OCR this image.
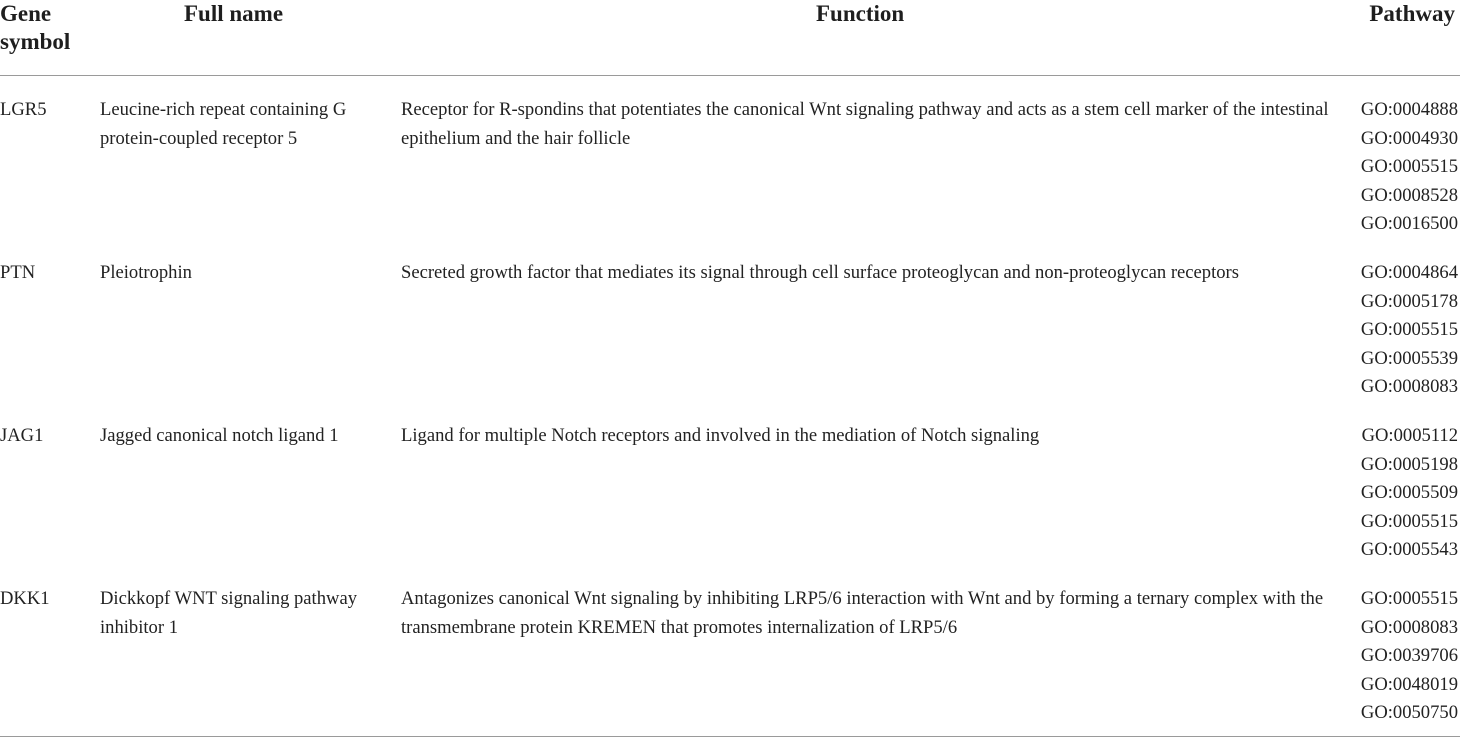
Gene symbol	Full name	Function	Pathway
LGR5	Leucine-rich repeat containing G protein-coupled receptor 5	Receptor for R-spondins that potentiates the canonical Wnt signaling pathway and acts as a stem cell marker of the intestinal epithelium and the hair follicle	GO:0004888
GO:0004930
GO:0005515
GO:0008528
GO:0016500

PTN	Pleiotrophin	Secreted growth factor that mediates its signal through cell surface proteoglycan and non-proteoglycan receptors	GO:0004864
GO:0005178
GO:0005515
GO:0005539
GO:0008083

JAG1	Jagged canonical notch ligand 1	Ligand for multiple Notch receptors and involved in the mediation of Notch signaling	GO:0005112
GO:0005198
GO:0005509
GO:0005515
GO:0005543

DKK1	Dickkopf WNT signaling pathway inhibitor 1	Antagonizes canonical Wnt signaling by inhibiting LRP5/6 interaction with Wnt and by forming a ternary complex with the transmembrane protein KREMEN that promotes internalization of LRP5/6	GO:0005515
GO:0008083
GO:0039706
GO:0048019
GO:0050750
